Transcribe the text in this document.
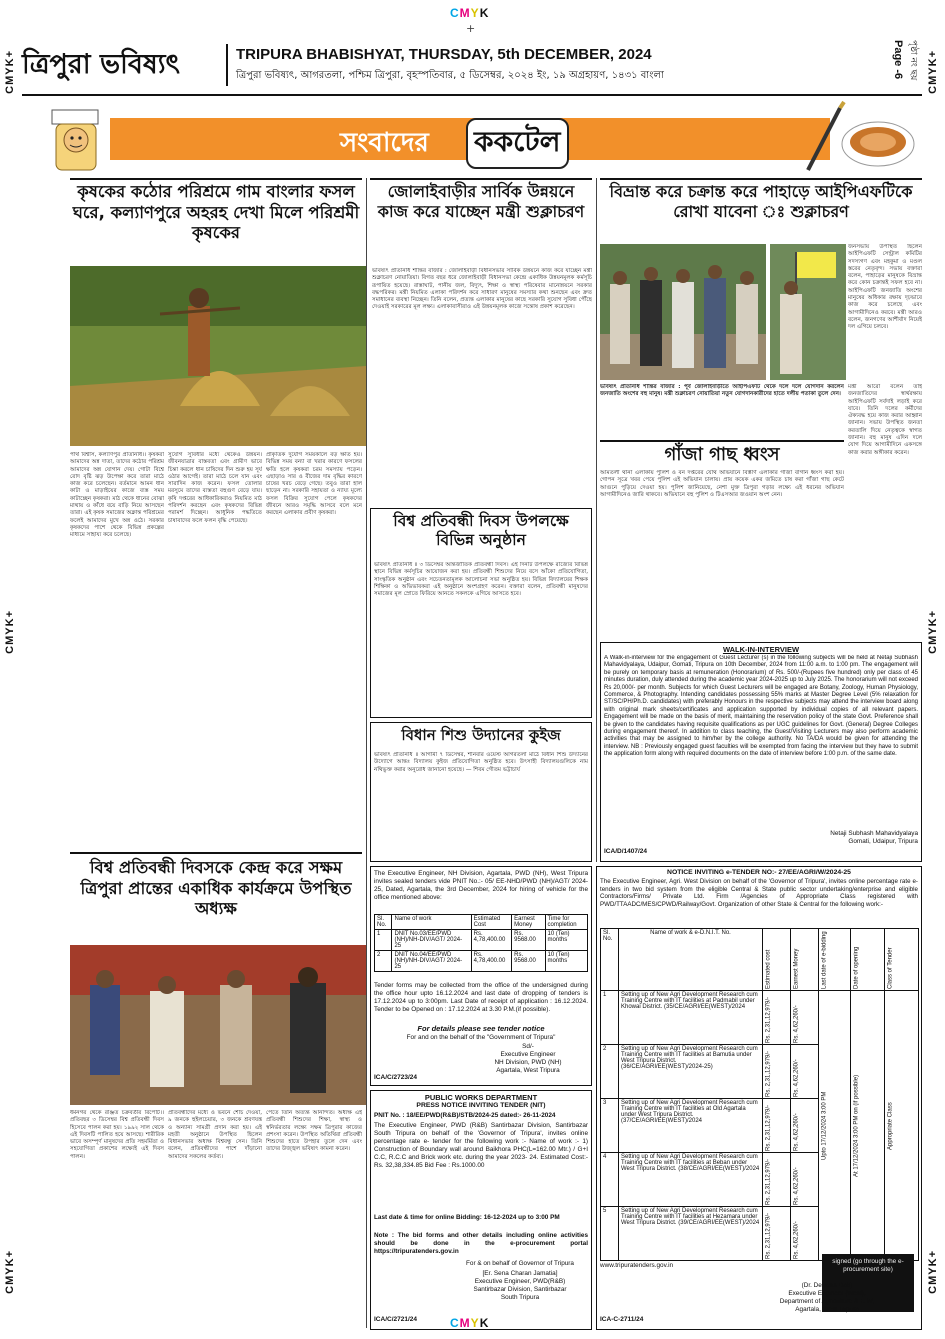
CMYK
+
CMYK+	CMYK+
CMYK+	CMYK+
CMYK+	CMYK+
ত্রিপুরা ভবিষ্যৎ	TRIPURA BHABISHYAT, THURSDAY, 5th DECEMBER, 2024
ত্রিপুরা ভবিষ্যৎ, আগরতলা, পশ্চিম ত্রিপুরা, বৃহস্পতিবার, ৫ ডিসেম্বর, ২০২৪ ইং, ১৯ অগ্রহায়ণ, ১৪৩১ বাংলা	Page -6 পৃষ্ঠা নং ছয়
সংবাদের ককটেল
কৃষকের কঠোর পরিশ্রমে গাম বাংলার ফসল ঘরে, কল্যাণপুরে অহরহ দেখা মিলে পরিশ্রমী কৃষকের
পার্থ বিশ্বাস, কল্যাণপুর প্রতিনিধি।। কৃষকরা আমাদের অন্ন দাতা, তাদের কঠোর পরিশ্রম আমাদের অন্ন যোগান দেয়। গোটা বিশ্বে রোদ বৃষ্টি ঝড় উপেক্ষা করে তারা মাঠে কাজ করে চলেছেন। বর্তমানে আমন ধান কাটা ও মাড়াইয়ের কাজে ব্যস্ত সময় কাটাচ্ছেন কৃষকরা। মাঠ থেকে ধানের বোঝা মাথায় ও কাঁধে বয়ে বাড়ি নিয়ে আসছেন তারা। এই কৃষক সমাজের অক্লান্ত পরিশ্রমের ফলেই আমাদের মুখে অন্ন ওঠে। সরকার কৃষকদের পাশে থেকে বিভিন্ন প্রকল্পের মাধ্যমে সাহায্য করে চলেছে।
সুযোগ সুবিধার মধ্যে থেকেও উন্নয়ন। জীবনযাত্রার বাস্তবতা এবং গ্রামীণ ভাবে চিন্তা করলে ধান চাষিদের দিন শুরু হয় সূর্য ওঠার আগেই। তারা মাঠে চলে যান এবং সারাদিন কাজ করেন। ফসল তোলার মরসুমে তাদের ব্যস্ততা বহুগুণ বেড়ে যায়। কৃষি দপ্তরের আধিকারিকরাও নিয়মিত মাঠ পরিদর্শন করছেন এবং কৃষকদের বিভিন্ন পরামর্শ দিচ্ছেন। আধুনিক পদ্ধতিতে চাষাবাদের ফলে ফলন বৃদ্ধি পেয়েছে।
প্রাকৃতিক দুর্যোগ সময়কালে বড় ক্ষতি হয়। বিভিন্ন সময় বন্যা বা খরার কারণে ফসলের ক্ষতি হলে কৃষকরা চরম সমস্যায় পড়েন। এছাড়াও সার ও বীজের দাম বৃদ্ধির কারণে চাষের খরচ বেড়ে গেছে। তবুও তারা হাল ছাড়েন না। সরকারি সহায়তা ও ন্যায্য মূল্যে ফসল বিক্রির সুযোগ পেলে কৃষকদের জীবনে আরও সমৃদ্ধি আসবে বলে মনে করছেন এলাকার প্রবীণ কৃষকরা।
বিশ্ব প্রতিবন্ধী দিবসকে কেন্দ্র করে সক্ষম ত্রিপুরা প্রান্তের একাধিক কার্যক্রমে উপস্থিত অধ্যক্ষ
ধর্মনগর থেকে রঞ্জিত চক্রবর্তীর রিপোর্ট।। প্রতিবছর ৩ ডিসেম্বর বিশ্ব প্রতিবন্ধী দিবস হিসেবে পালন করা হয়। ১৯৯২ সাল থেকে এই দিবসটি পালিত হয়ে আসছে। শারীরিক ভাবে অসম্পূর্ণ মানুষদের প্রতি সহমর্মিতা ও সহযোগিতা প্রকাশের লক্ষ্যেই এই দিবস পালন।
প্রতিবন্ধীদের মধ্যে ও ভবনে শৌচ দেওয়া, ৯ জনকে হুইলচেয়ার, ৩ জনকে শ্রবণযন্ত্র ও অন্যান্য সামগ্রী প্রদান করা হয়। এই মহতী অনুষ্ঠানে উপস্থিত ছিলেন বিধানসভার অধ্যক্ষ বিশ্ববন্ধু সেন। তিনি বলেন, প্রতিবন্ধীদের পাশে দাঁড়ানো আমাদের সকলের কর্তব্য।
পেতে তিনি অত্যন্ত আনন্দিত। অধ্যক্ষ এই প্রতিবন্ধী শিশুদের শিক্ষা, স্বাস্থ্য ও স্বনির্ভরতার লক্ষ্যে সক্ষম ত্রিপুরার কাজের প্রশংসা করেন। উপস্থিত অতিথিরা প্রতিবন্ধী শিশুদের হাতে উপহার তুলে দেন এবং তাদের উজ্জ্বল ভবিষ্যৎ কামনা করেন।
জোলাইবাড়ীর সার্বিক উন্নয়নে কাজ করে যাচ্ছেন মন্ত্রী শুক্লাচরণ
ভবিষ্যৎ প্রতিনিধি শান্তির বাজার : জোলাইবাড়ী বিধানসভার সার্বিক উন্নয়নে কাজ করে যাচ্ছেন মন্ত্রী শুক্লাচরণ নোয়াতিয়া। বিগত বছর ধরে জোলাইবাড়ী বিধানসভা কেন্দ্রে একাধিক উন্নয়নমূলক কর্মসূচি রূপায়িত হয়েছে। রাস্তাঘাট, পানীয় জল, বিদ্যুৎ, শিক্ষা ও স্বাস্থ্য পরিষেবার মানোন্নয়নে সরকার বদ্ধপরিকর। মন্ত্রী নিয়মিত এলাকা পরিদর্শন করে সাধারণ মানুষের সমস্যার কথা শুনছেন এবং দ্রুত সমাধানের ব্যবস্থা নিচ্ছেন। তিনি বলেন, প্রত্যন্ত এলাকার মানুষের কাছে সরকারি সুযোগ সুবিধা পৌঁছে দেওয়াই সরকারের মূল লক্ষ্য। এলাকাবাসীরাও এই উন্নয়নমূলক কাজে সন্তোষ প্রকাশ করেছেন।
বিশ্ব প্রতিবন্ধী দিবস উপলক্ষে বিভিন্ন অনুষ্ঠান
ভবিষ্যৎ প্রতিনিধি ॥ ৩ ডিসেম্বর আন্তর্জাতিক প্রতিবন্ধী দিবস। এই দিনটি উপলক্ষে রাজ্যের বিভিন্ন স্থানে বিভিন্ন কর্মসূচির আয়োজন করা হয়। প্রতিবন্ধী শিশুদের নিয়ে বসে আঁকো প্রতিযোগিতা, সাংস্কৃতিক অনুষ্ঠান এবং সচেতনতামূলক আলোচনা সভা অনুষ্ঠিত হয়। বিভিন্ন বিদ্যালয়ের শিক্ষক শিক্ষিকা ও অভিভাবকরা এই অনুষ্ঠানে অংশগ্রহণ করেন। বক্তারা বলেন, প্রতিবন্ধী মানুষদের সমাজের মূল স্রোতে ফিরিয়ে আনতে সকলকে এগিয়ে আসতে হবে।
বিধান শিশু উদ্যানের কুইজ
ভবিষ্যৎ প্রতিনিধি ॥ আগামী ৭ ডিসেম্বর, শনিবার ওয়েস্ট আগরতলা মাঠে বিধান শিশু উদ্যানের উদ্যোগে আন্তঃ বিদ্যালয় কুইজ প্রতিযোগিতা অনুষ্ঠিত হবে। উৎসাহী বিদ্যালয়গুলিকে নাম নথিভুক্ত করার অনুরোধ জানানো হয়েছে। — শিবম গৌতম ভট্টাচার্য
The Executive Engineer, NH Division, Agartala, PWD (NH), West Tripura invites sealed tenders vide PNIT No.:- 05/ EE-NHD/PWD (NH)/AGT/ 2024-25, Dated, Agartala, the 3rd December, 2024 for hiring of vehicle for the office mentioned above:
Sl. No.	Name of work	Estimated Cost	Earnest Money	Time for completion
1	DNIT No.03/EE/PWD (NH)/NH-DIV/AGT/ 2024-25	Rs. 4,78,400.00	Rs. 9568.00	10 (Ten) months
2	DNIT No.04/EE/PWD (NH)/NH-DIV/AGT/ 2024-25	Rs. 4,78,400.00	Rs. 9568.00	10 (Ten) months
Tender forms may be collected from the office of the undersigned during the office hour upto 16.12.2024 and last date of dropping of tenders is 17.12.2024 up to 3:00pm. Last Date of receipt of application : 16.12.2024. Tender to be Opened on : 17.12.2024 at 3.30 P.M.(if possible).
For details please see tender notice
For and on the behalf of the "Government of Tripura"
Sd/-
Executive Engineer
NH Division, PWD (NH)
Agartala, West Tripura
ICA/C/2723/24
PUBLIC WORKS DEPARTMENT
PRESS NOTICE INVITING TENDER (NIT)
PNIT No. : 18/EE/PWD(R&B)/STB/2024-25 dated:- 26-11-2024
The Executive Engineer, PWD (R&B) Santirbazar Division, Santirbazar South Tripura on behalf of the 'Governor of Tripura', invites online percentage rate e- tender for the following work :- Name of work :- 1) Construction of Boundary wall around Baikhora PHC(L=162.00 Mtr.) / G+I C.C, R.C.C and Brick work etc. during the year 2023- 24. Estimated Cost:- Rs. 32,38,334.85 Bid Fee : Rs.1000.00
Last date & time for online Bidding: 16-12-2024 up to 3:00 PM
Note : The bid forms and other details including online activities should be done in the e-procurement portal https://tripuratenders.gov.in
For & on behalf of Governor of Tripura
[Er. Sena Charan Jamatia]
Executive Engineer, PWD(R&B)
Santirbazar Division, Santirbazar
South Tripura
ICA/C/2721/24
বিভ্রান্ত করে চক্রান্ত করে পাহাড়ে আইপিএফটিকে রোখা যাবেনা ঃ শুক্লাচরণ
জনসভায় উপস্থিত ছিলেন আইপিএফটি সেন্ট্রাল কমিটির সদস্যগণ এবং মহকুমা ও মণ্ডল স্তরের নেতৃবৃন্দ। সভায় বক্তারা বলেন, পাহাড়ের মানুষকে বিভ্রান্ত করে কোন চক্রান্তই সফল হবে না। আইপিএফটি জনজাতি অংশের মানুষের অধিকার রক্ষায় দৃঢ়ভাবে কাজ করে চলেছে এবং আগামীদিনেও করবে। মন্ত্রী আরও বলেন, জনগণের আশীর্বাদ নিয়েই দল এগিয়ে চলবে।
ভবিষ্যৎ প্রতিনিধি শান্তির বাজার : পূর্ব জোলাইবাড়ীতে আইপিএফটি থেকে দলে দলে যোগদান করলেন জনজাতি অংশের বহু মানুষ। মন্ত্রী শুক্লাচরণ নোয়াতিয়া নতুন যোগদানকারীদের হাতে দলীয় পতাকা তুলে দেন।
মন্ত্রী আরো বলেন তাই জনজাতিদের স্বার্থরক্ষায় আইপিএফটি সর্বদাই লড়াই করে যাবে। তিনি দলের কর্মীদের ঐক্যবদ্ধ হয়ে কাজ করার আহ্বান জানান। সভায় উপস্থিত জনতা করতালি দিয়ে নেতৃত্বকে স্বাগত জানান। বহু মানুষ এদিন দলে যোগ দিয়ে আগামীদিনে একসঙ্গে কাজ করার অঙ্গীকার করেন।
গাঁজা গাছ ধ্বংস
আমতলী থানা এলাকায় পুলিশ ও বন দপ্তরের যৌথ অভিযানে বিস্তীর্ণ এলাকার গাঁজা বাগান ধ্বংস করা হয়। গোপন সূত্রে খবর পেয়ে পুলিশ এই অভিযান চালায়। প্রায় কয়েক একর জমিতে চাষ করা গাঁজা গাছ কেটে আগুনে পুড়িয়ে দেওয়া হয়। পুলিশ জানিয়েছে, নেশা মুক্ত ত্রিপুরা গড়ার লক্ষ্যে এই ধরনের অভিযান আগামীদিনেও জারি থাকবে। অভিযানে বহু পুলিশ ও টিএসআর জওয়ান অংশ নেন।
WALK-IN-INTERVIEW
A Walk-in-interview for the engagement of Guest Lecturer (s) in the following subjects will be held at Netaji Subhash Mahavidyalaya, Udaipur, Gomati, Tripura on 10th December, 2024 from 11:00 a.m. to 1:00 pm. The engagement will be purely on temporary basis at remuneration (Honorarium) of Rs. 500/-(Rupees five hundred) only per class of 45 minutes duration, duly attended during the academic year 2024-2025 up to July 2025. The honorarium will not exceed Rs 20,000/- per month. Subjects for which Guest Lecturers will be engaged are Botany, Zoology, Human Physiology, Commerce, & Photography. Intending candidates possessing 55% marks at Master Degree Level (5% relaxation for ST/SC/PH/Ph.D. candidates) with preferably Honours in the respective subjects may attend the interview board along with original mark sheets/certificates and application supported by individual copies of all relevant papers. Engagement will be made on the basis of merit, maintaining the reservation policy of the state Govt. Preference shall be given to the candidates having requisite qualifications as per UGC guidelines for Govt. (General) Degree Colleges during engagement thereof. In addition to class teaching, the Guest/Visiting Lecturers may also perform academic activities that may be assigned to him/her by the college authority. No TA/DA would be given for attending the interview. NB : Previously engaged guest faculties will be exempted from facing the interview but they have to submit the application form along with required documents on the date of interview before 1:00 p.m. of the same date.
Netaji Subhash Mahavidyalaya
Gomati, Udaipur, Tripura
ICA/D/1407/24
NOTICE INVITING e-TENDER NO:- 27/EE/AGRI/W/2024-25
The Executive Engineer, Agri. West Division on behalf of the 'Governor of Tripura', invites online percentage rate e-tenders in two bid system from the eligible Central & State public sector undertaking/enterprise and eligible Contractors/Firms/ Private Ltd. Firm /Agencies of Appropriate Class registered with PWD/TTAADC/MES/CPWD/Railway/Govt. Organization of other State & Central for the following work:-
Sl. No.	Name of work & e-D.N.I.T. No.	Estimated cost	Earnest Money	Last date of e-bidding	Date of opening	Class of Tender
1	Setting up of New Agri Development Research cum Training Centre with IT facilities at Padmabil under Khowai District. (35/CE/AGRI/EE(WEST)/2024	Rs. 2,31,12,979/-	Rs. 4,62,260/-	Upto 17/12/2024 3:00 PM	At 17/12/2024 3:00 PM on (if possible)	Appropriate Class
2	Setting up of New Agri Development Research cum Training Centre with IT facilities at Bamutia under West Tripura District. (36/CE/AGRI/EE(WEST)/2024-25)	Rs. 2,31,12,979/-	Rs. 4,62,260/-			
3	Setting up of New Agri Development Research cum Training Centre with IT facilities at Old Agartala under West Tripura District. (37/CE/AGRI/EE(WEST)/2024	Rs. 2,31,12,979/-	Rs. 4,62,260/-			
4	Setting up of New Agri Development Research cum Training Centre with IT facilities at Beban under West Tripura District. (38/CE/AGRI/EE(WEST)/2024	Rs. 2,31,12,979/-	Rs. 4,62,260/-			
5	Setting up of New Agri Development Research cum Training Centre with IT facilities at Hezamara under West Tripura District. (39/CE/AGRI/EE(WEST)/2024	Rs. 2,31,12,979/-	Rs. 4,62,260/-			
www.tripuratenders.gov.in
signed (go through the e-procurement site)
(Dr. Debasis Dab)
Executive Engineer (West),
Department of Agriculture & F. W,
Agartala, West Tripura
ICA-C-2711/24
CMYK
